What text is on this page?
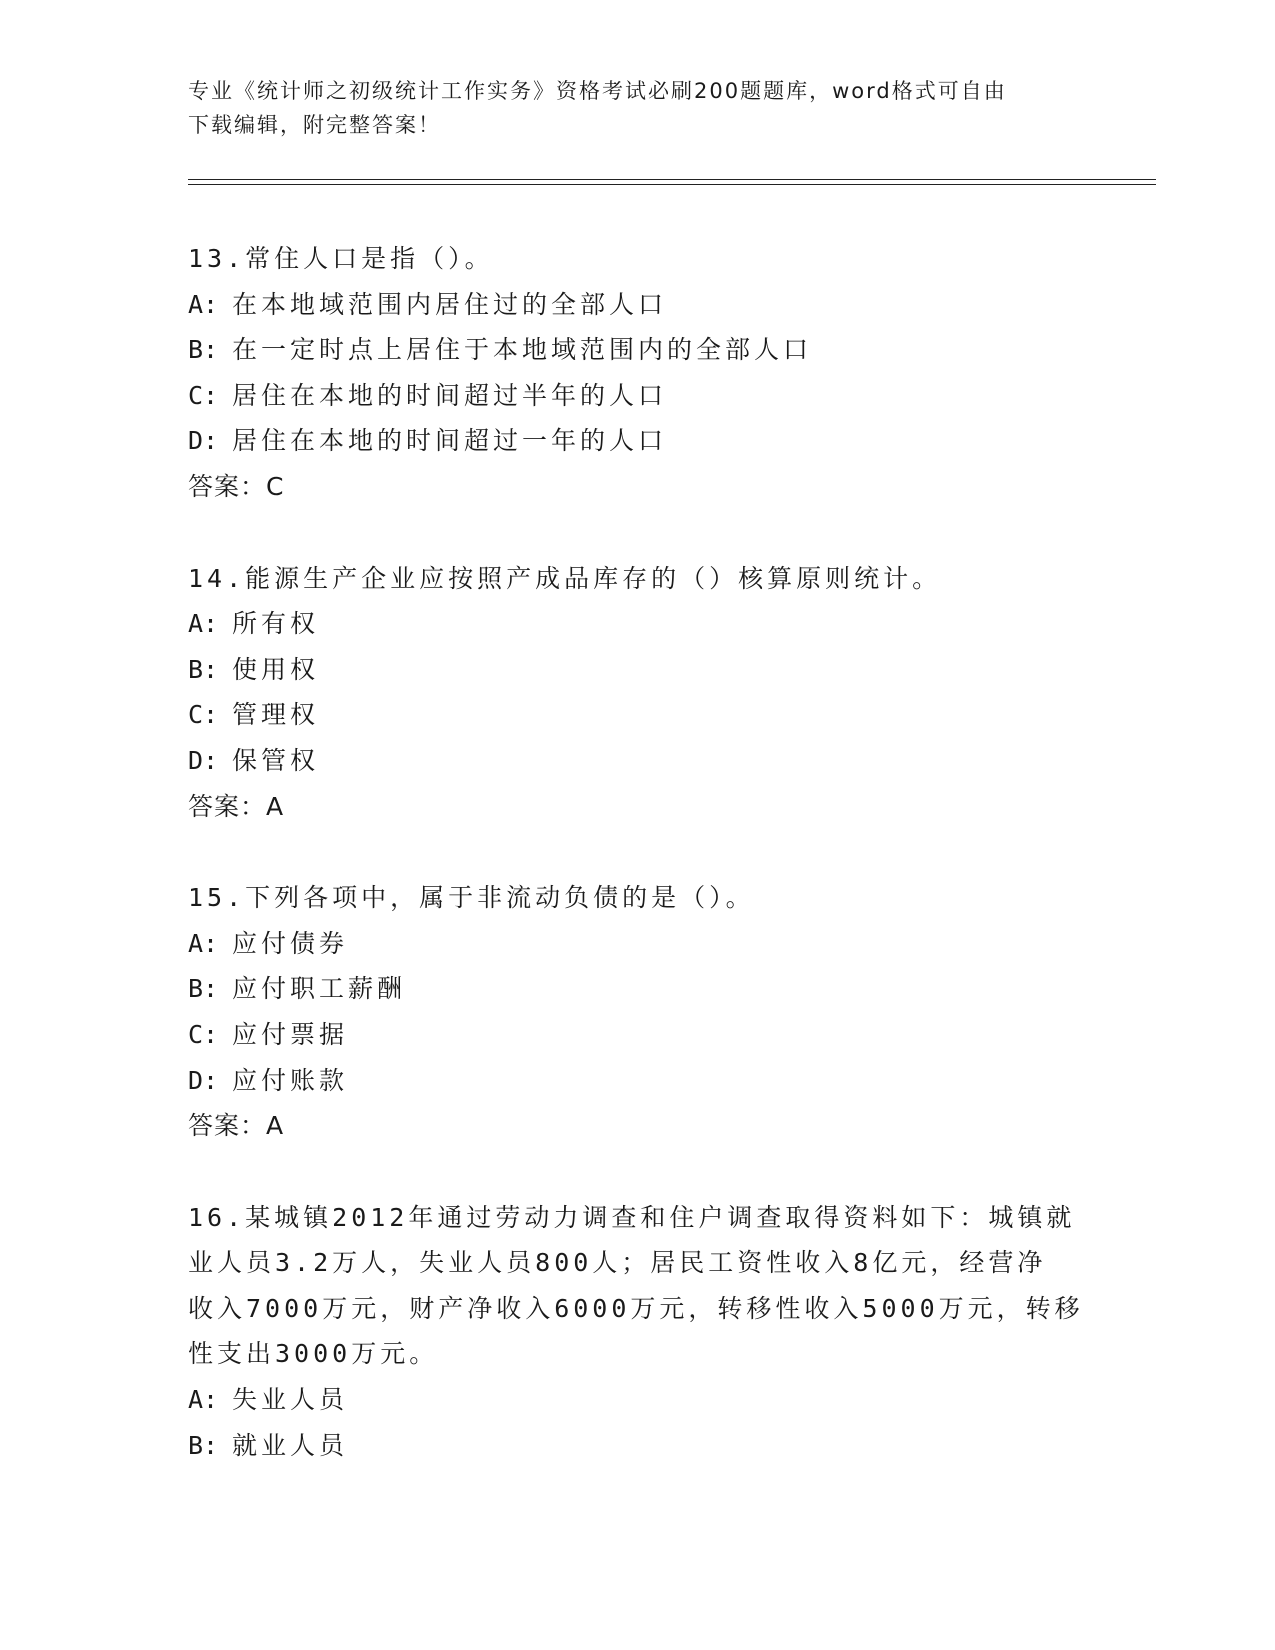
专业《统计师之初级统计工作实务》资格考试必刷200题题库，word格式可自由
下载编辑，附完整答案！
13.常住人口是指（）。
A: 在本地域范围内居住过的全部人口
B: 在一定时点上居住于本地域范围内的全部人口
C: 居住在本地的时间超过半年的人口
D: 居住在本地的时间超过一年的人口
答案：C
14.能源生产企业应按照产成品库存的（）核算原则统计。
A: 所有权
B: 使用权
C: 管理权
D: 保管权
答案：A
15.下列各项中，属于非流动负债的是（）。
A: 应付债券
B: 应付职工薪酬
C: 应付票据
D: 应付账款
答案：A
16.某城镇2012年通过劳动力调查和住户调查取得资料如下：城镇就
业人员3.2万人，失业人员800人；居民工资性收入8亿元，经营净
收入7000万元，财产净收入6000万元，转移性收入5000万元，转移
性支出3000万元。
A: 失业人员
B: 就业人员
